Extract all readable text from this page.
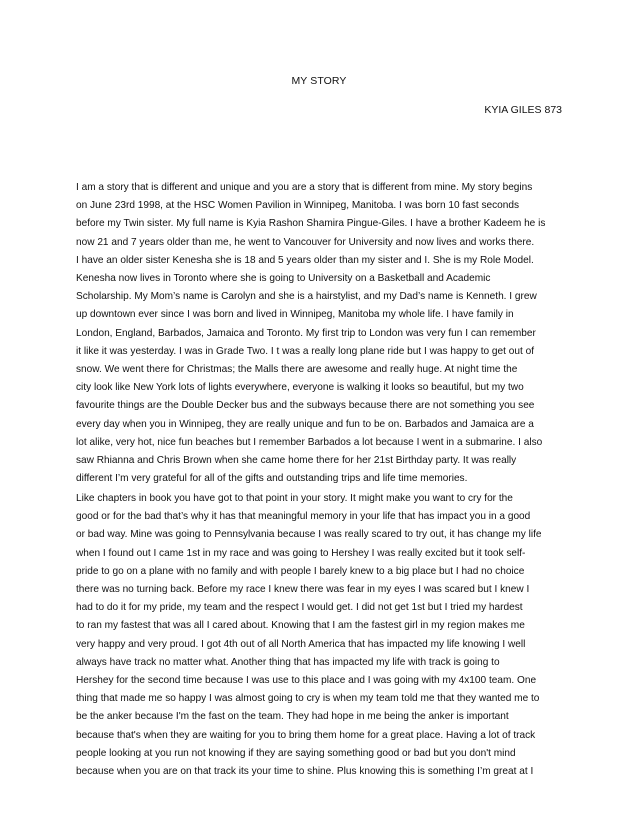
MY STORY
KYIA GILES 873

I am a story that is different and unique and you are a story that is different from mine. My story begins
on June 23rd 1998, at the HSC Women Pavilion in Winnipeg, Manitoba. I was born 10 fast seconds
before my Twin sister. My full name is Kyia Rashon Shamira Pingue-Giles. I have a brother Kadeem he is
now 21 and 7 years older than me, he went to Vancouver for University and now lives and works there.
I have an older sister Kenesha she is 18 and 5 years older than my sister and I. She is my Role Model.
Kenesha now lives in Toronto where she is going to University on a Basketball and Academic
Scholarship. My Mom’s name is Carolyn and she is a hairstylist, and my Dad’s name is Kenneth. I grew
up downtown ever since I was born and lived in Winnipeg, Manitoba my whole life. I have family in
London, England, Barbados, Jamaica and Toronto. My first trip to London was very fun I can remember
it like it was yesterday. I was in Grade Two. I t was a really long plane ride but I was happy to get out of
snow. We went there for Christmas; the Malls there are awesome and really huge. At night time the
city look like New York lots of lights everywhere, everyone is walking it looks so beautiful, but my two
favourite things are the Double Decker bus and the subways because there are not something you see
every day when you in Winnipeg, they are really unique and fun to be on. Barbados and Jamaica are a
lot alike, very hot, nice fun beaches but I remember Barbados a lot because I went in a submarine. I also
saw Rhianna and Chris Brown when she came home there for her 21st Birthday party. It was really
different I’m very grateful for all of the gifts and outstanding trips and life time memories.

Like chapters in book you have got to that point in your story. It might make you want to cry for the
good or for the bad that’s why it has that meaningful memory in your life that has impact you in a good
or bad way. Mine was going to Pennsylvania because I was really scared to try out, it has change my life
when I found out I came 1st in my race and was going to Hershey I was really excited but it took self-
pride to go on a plane with no family and with people I barely knew to a big place but I had no choice
there was no turning back. Before my race I knew there was fear in my eyes I was scared but I knew I
had to do it for my pride, my team and the respect I would get. I did not get 1st but I tried my hardest
to ran my fastest that was all I cared about. Knowing that I am the fastest girl in my region makes me
very happy and very proud. I got 4th out of all North America that has impacted my life knowing I well
always have track no matter what. Another thing that has impacted my life with track is going to
Hershey for the second time because I was use to this place and I was going with my 4x100 team. One
thing that made me so happy I was almost going to cry is when my team told me that they wanted me to
be the anker because I'm the fast on the team. They had hope in me being the anker is important
because that's when they are waiting for you to bring them home for a great place. Having a lot of track
people looking at you run not knowing if they are saying something good or bad but you don't mind
because when you are on that track its your time to shine. Plus knowing this is something I’m great at I
